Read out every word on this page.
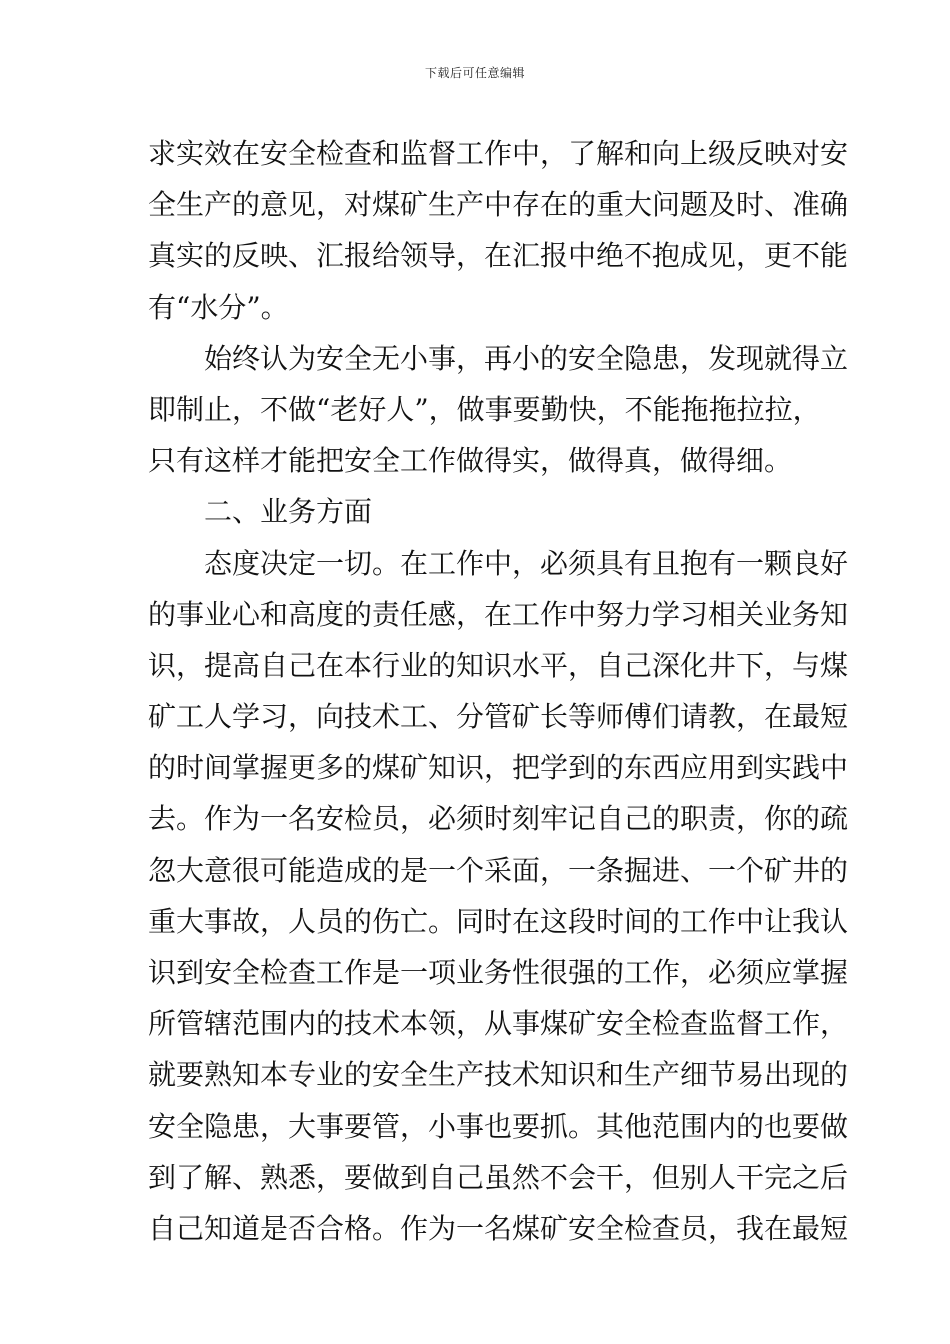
下载后可任意编辑
求实效在安全检查和监督工作中，了解和向上级反映对安
全生产的意见，对煤矿生产中存在的重大问题及时、准确
真实的反映、汇报给领导，在汇报中绝不抱成见，更不能
有“水分”。
始终认为安全无小事，再小的安全隐患，发现就得立
即制止，不做“老好人”，做事要勤快，不能拖拖拉拉，
只有这样才能把安全工作做得实，做得真，做得细。
二、业务方面
态度决定一切。在工作中，必须具有且抱有一颗良好
的事业心和高度的责任感，在工作中努力学习相关业务知
识，提高自己在本行业的知识水平，自己深化井下，与煤
矿工人学习，向技术工、分管矿长等师傅们请教，在最短
的时间掌握更多的煤矿知识，把学到的东西应用到实践中
去。作为一名安检员，必须时刻牢记自己的职责，你的疏
忽大意很可能造成的是一个采面，一条掘进、一个矿井的
重大事故，人员的伤亡。同时在这段时间的工作中让我认
识到安全检查工作是一项业务性很强的工作，必须应掌握
所管辖范围内的技术本领，从事煤矿安全检查监督工作，
就要熟知本专业的安全生产技术知识和生产细节易出现的
安全隐患，大事要管，小事也要抓。其他范围内的也要做
到了解、熟悉，要做到自己虽然不会干，但别人干完之后
自己知道是否合格。作为一名煤矿安全检查员，我在最短
